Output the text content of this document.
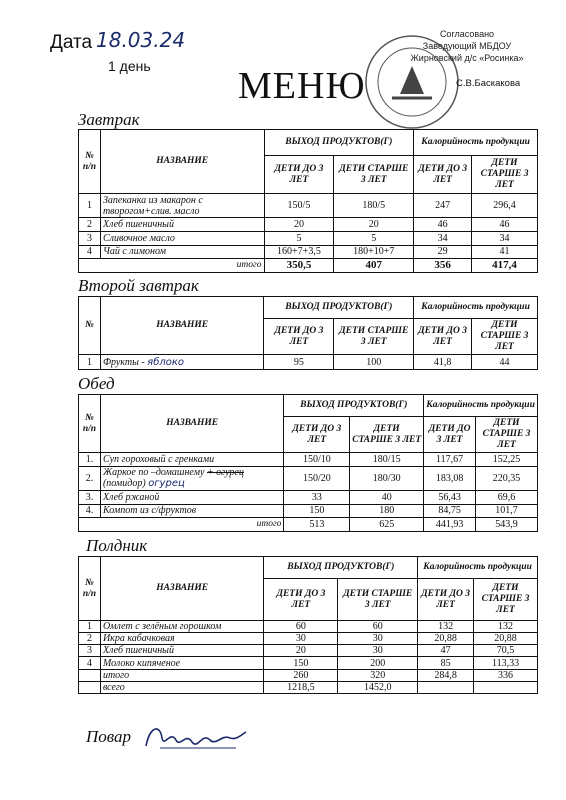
Дата 18.03.24
1 день МЕНЮ
Согласовано
Заведующий МБДОУ
Жирновский д/с «Росинка»
С.В.Баскакова
Завтрак
№ п/п	НАЗВАНИЕ	ВЫХОД ПРОДУКТОВ(Г)		Калорийность продукции	
		ДЕТИ ДО 3 ЛЕТ	ДЕТИ СТАРШЕ 3 ЛЕТ	ДЕТИ ДО 3 ЛЕТ	ДЕТИ СТАРШЕ 3 ЛЕТ
1	Запеканка из макарон с творогом+слив. масло	150/5	180/5	247	296,4
2	Хлеб пшеничный	20	20	46	46
3	Сливочное масло	5	5	34	34
4	Чай с лимоном	160+7+3,5	180+10+7	29	41
итого		350,5	407	356	417,4
Второй завтрак
№	НАЗВАНИЕ	ВЫХОД ПРОДУКТОВ(Г)		Калорийность продукции	
		ДЕТИ ДО 3 ЛЕТ	ДЕТИ СТАРШЕ 3 ЛЕТ	ДЕТИ ДО 3 ЛЕТ	ДЕТИ СТАРШЕ 3 ЛЕТ
1	Фрукты - яблоко	95	100	41,8	44
Обед
№ п/п	НАЗВАНИЕ	ВЫХОД ПРОДУКТОВ(Г)		Калорийность продукции	
		ДЕТИ ДО 3 ЛЕТ	ДЕТИ СТАРШЕ 3 ЛЕТ	ДЕТИ ДО 3 ЛЕТ	ДЕТИ СТАРШЕ 3 ЛЕТ
1.	Суп гороховый с гренками	150/10	180/15	117,67	152,25
2.	Жаркое по –домашнему + огурец
(помидор) огурец	150/20	180/30	183,08	220,35
3.	Хлеб ржаной	33	40	56,43	69,6
4.	Компот из с/фруктов	150	180	84,75	101,7
итого		513	625	441,93	543,9
Полдник
№ п/п	НАЗВАНИЕ	ВЫХОД ПРОДУКТОВ(Г)		Калорийность продукции	
		ДЕТИ ДО 3 ЛЕТ	ДЕТИ СТАРШЕ 3 ЛЕТ	ДЕТИ ДО 3 ЛЕТ	ДЕТИ СТАРШЕ 3 ЛЕТ
1	Омлет с зелёным горошком	60	60	132	132
2	Икра кабачковая	30	30	20,88	20,88
3	Хлеб пшеничный	20	30	47	70,5
4	Молоко кипяченое	150	200	85	113,33
	итого	260	320	284,8	336
	всего	1218,5	1452,0		
Повар
